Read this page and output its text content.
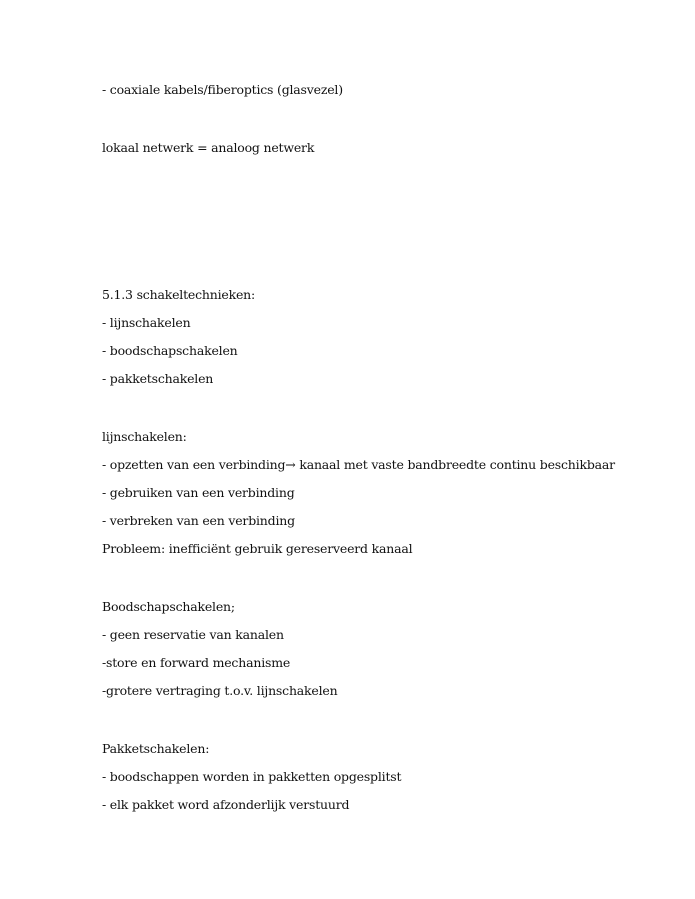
- coaxiale kabels/fiberoptics (glasvezel)

lokaal netwerk = analoog netwerk

5.1.3 schakeltechnieken:

- lijnschakelen

- boodschapschakelen

- pakketschakelen

lijnschakelen:

- opzetten van een verbinding→ kanaal met vaste bandbreedte continu beschikbaar

- gebruiken van een verbinding

- verbreken van een verbinding

Probleem: inefficiënt gebruik gereserveerd kanaal

Boodschapschakelen;

- geen reservatie van kanalen

-store en forward mechanisme

-grotere vertraging t.o.v. lijnschakelen

Pakketschakelen:

- boodschappen worden in pakketten opgesplitst

- elk pakket word afzonderlijk verstuurd
